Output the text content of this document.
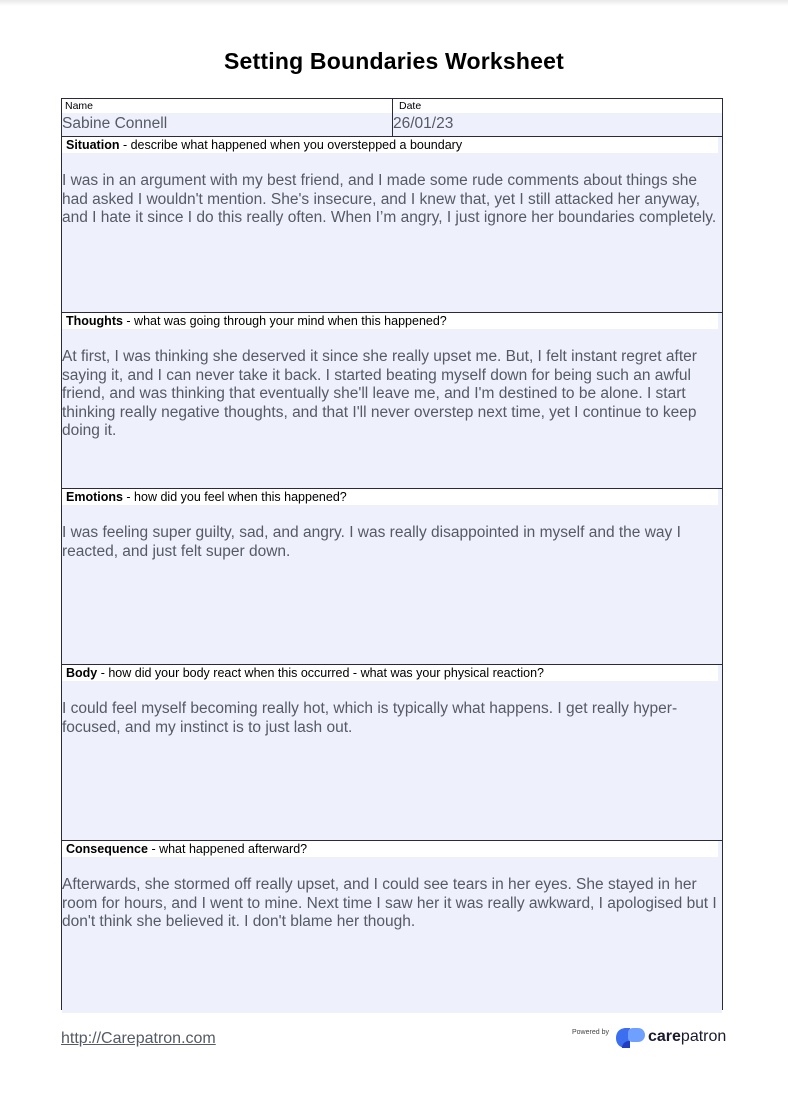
Setting Boundaries Worksheet
Name
Sabine Connell
Date
26/01/23
Situation - describe what happened when you overstepped a boundary
I was in an argument with my best friend, and I made some rude comments about things she had asked I wouldn't mention. She's insecure, and I knew that, yet I still attacked her anyway, and I hate it since I do this really often. When I’m angry, I just ignore her boundaries completely.
Thoughts - what was going through your mind when this happened?
At first, I was thinking she deserved it since she really upset me. But, I felt instant regret after saying it, and I can never take it back. I started beating myself down for being such an awful friend, and was thinking that eventually she'll leave me, and I'm destined to be alone. I start thinking really negative thoughts, and that I'll never overstep next time, yet I continue to keep doing it.
Emotions - how did you feel when this happened?
I was feeling super guilty, sad, and angry. I was really disappointed in myself and the way I reacted, and just felt super down.
Body - how did your body react when this occurred - what was your physical reaction?
I could feel myself becoming really hot, which is typically what happens. I get really hyper-focused, and my instinct is to just lash out.
Consequence - what happened afterward?
Afterwards, she stormed off really upset, and I could see tears in her eyes. She stayed in her room for hours, and I went to mine. Next time I saw her it was really awkward, I apologised but I don't think she believed it. I don't blame her though.
http://Carepatron.com	Powered by carepatron
